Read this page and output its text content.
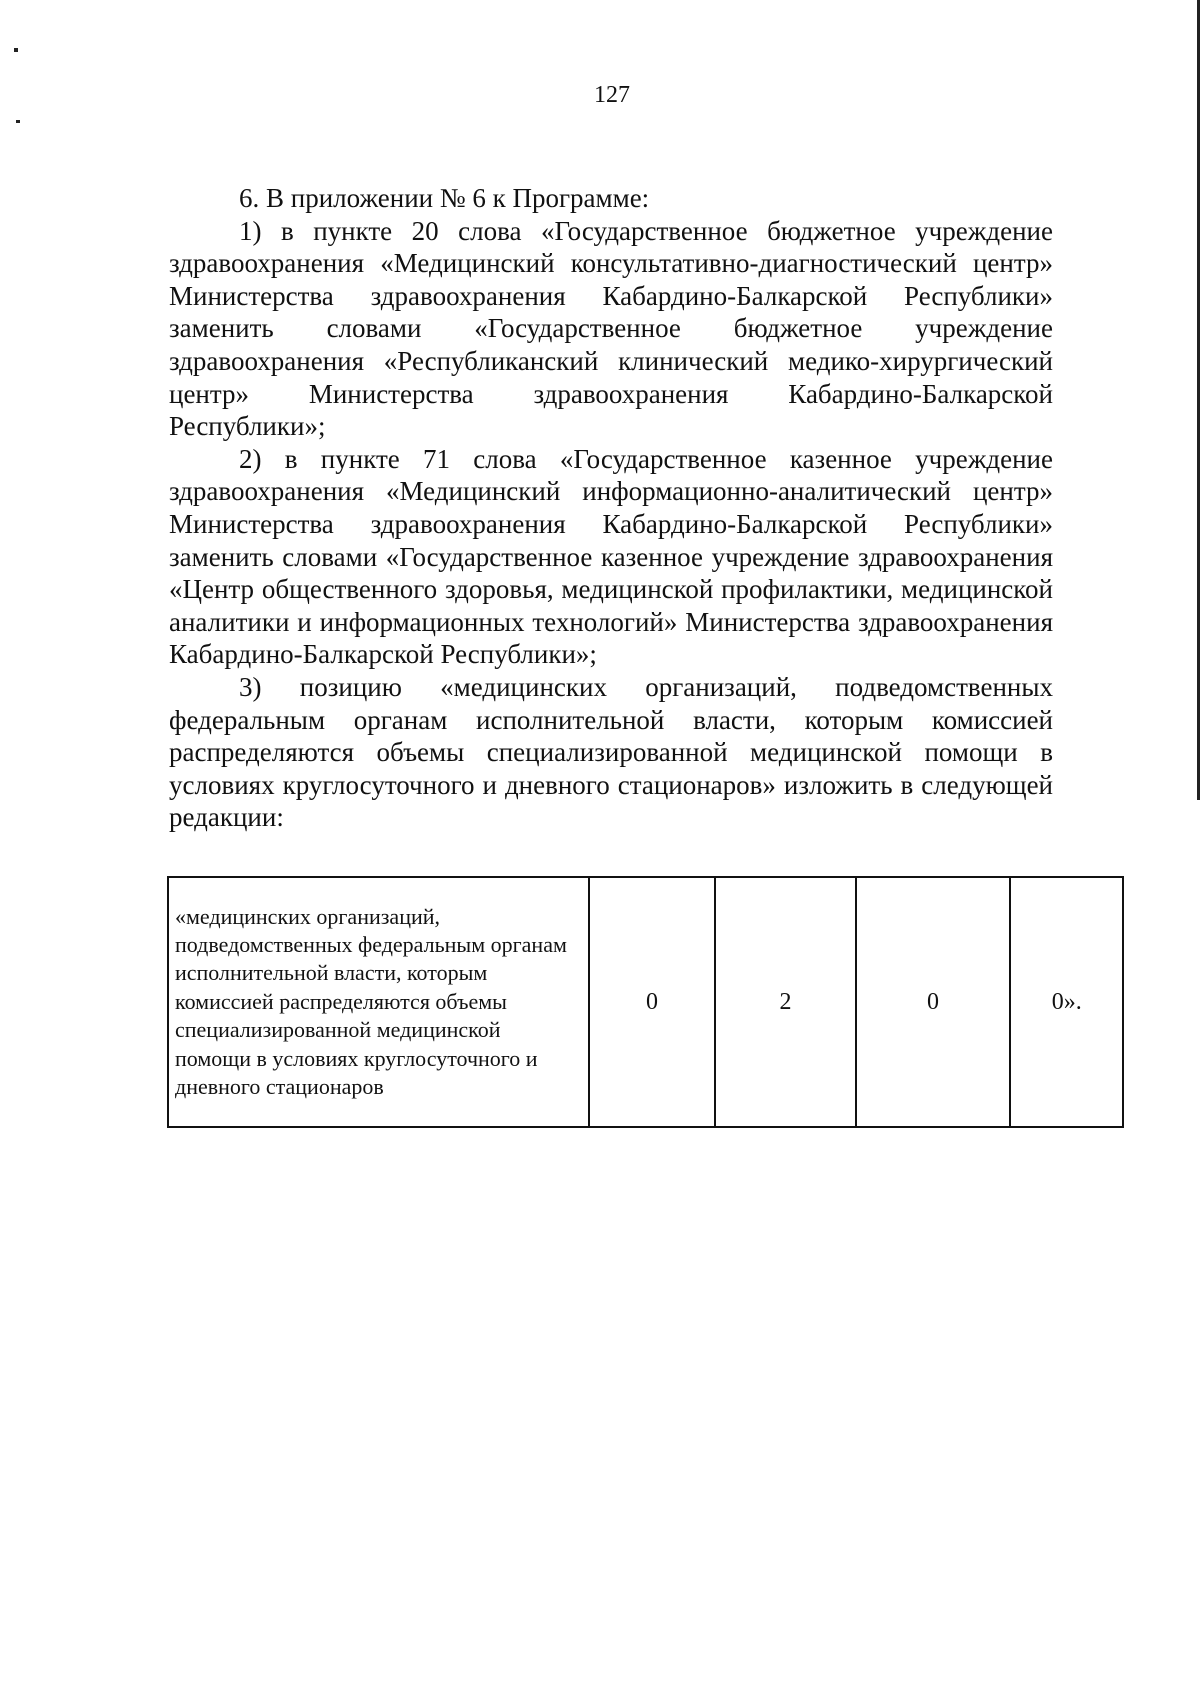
127

6. В приложении № 6 к Программе:

1) в пункте 20 слова «Государственное бюджетное учреждение здравоохранения «Медицинский консультативно-диагностический центр» Министерства здравоохранения Кабардино-Балкарской Республики» заменить словами «Государственное бюджетное учреждение здравоохранения «Республиканский клинический медико-хирургический центр» Министерства здравоохранения Кабардино-Балкарской Республики»;

2) в пункте 71 слова «Государственное казенное учреждение здравоохранения «Медицинский информационно-аналитический центр» Министерства здравоохранения Кабардино-Балкарской Республики» заменить словами «Государственное казенное учреждение здравоохранения «Центр общественного здоровья, медицинской профилактики, медицинской аналитики и информационных технологий» Министерства здравоохранения Кабардино-Балкарской Республики»;

3) позицию «медицинских организаций, подведомственных федеральным органам исполнительной власти, которым комиссией распределяются объемы специализированной медицинской помощи в условиях круглосуточного и дневного стационаров» изложить в следующей редакции:

«медицинских организаций, подведомственных федеральным органам исполнительной власти, которым комиссией распределяются объемы специализированной медицинской помощи в условиях круглосуточного и дневного стационаров	0	2	0	0».
